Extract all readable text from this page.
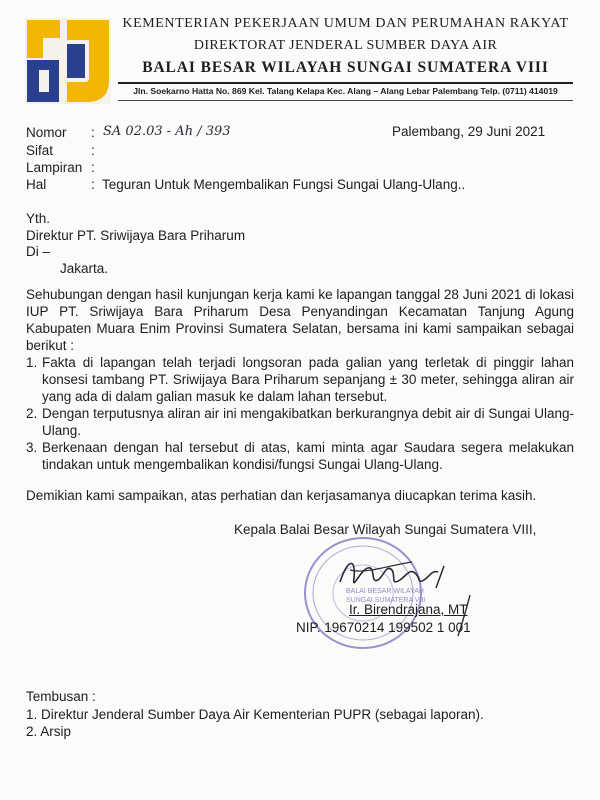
KEMENTERIAN PEKERJAAN UMUM DAN PERUMAHAN RAKYAT
DIREKTORAT JENDERAL SUMBER DAYA AIR
BALAI BESAR WILAYAH SUNGAI SUMATERA VIII
Jln. Soekarno Hatta No. 869 Kel. Talang Kelapa Kec. Alang – Alang Lebar Palembang Telp. (0711) 414019
Nomor : SA 02.03 - Ah / 393	Palembang, 29 Juni 2021
Sifat	:
Lampiran :
Hal	: Teguran Untuk Mengembalikan Fungsi Sungai Ulang-Ulang..
Yth.
Direktur PT. Sriwijaya Bara Priharum
Di –
Jakarta.

Sehubungan dengan hasil kunjungan kerja kami ke lapangan tanggal 28 Juni 2021 di lokasi IUP PT. Sriwijaya Bara Priharum Desa Penyandingan Kecamatan Tanjung Agung Kabupaten Muara Enim Provinsi Sumatera Selatan, bersama ini kami sampaikan sebagai berikut :

1. Fakta di lapangan telah terjadi longsoran pada galian yang terletak di pinggir lahan konsesi tambang PT. Sriwijaya Bara Priharum sepanjang ± 30 meter, sehingga aliran air yang ada di dalam galian masuk ke dalam lahan tersebut.
2. Dengan terputusnya aliran air ini mengakibatkan berkurangnya debit air di Sungai Ulang-Ulang.
3. Berkenaan dengan hal tersebut di atas, kami minta agar Saudara segera melakukan tindakan untuk mengembalikan kondisi/fungsi Sungai Ulang-Ulang.
Demikian kami sampaikan, atas perhatian dan kerjasamanya diucapkan terima kasih.
Kepala Balai Besar Wilayah Sungai Sumatera VIII,
BALAI BESAR WILAYAH
SUNGAI SUMATERA VIII
Ir. Birendrajana, MT
NIP. 19670214 199502 1 001
Tembusan :
1. Direktur Jenderal Sumber Daya Air Kementerian PUPR (sebagai laporan).
2. Arsip
